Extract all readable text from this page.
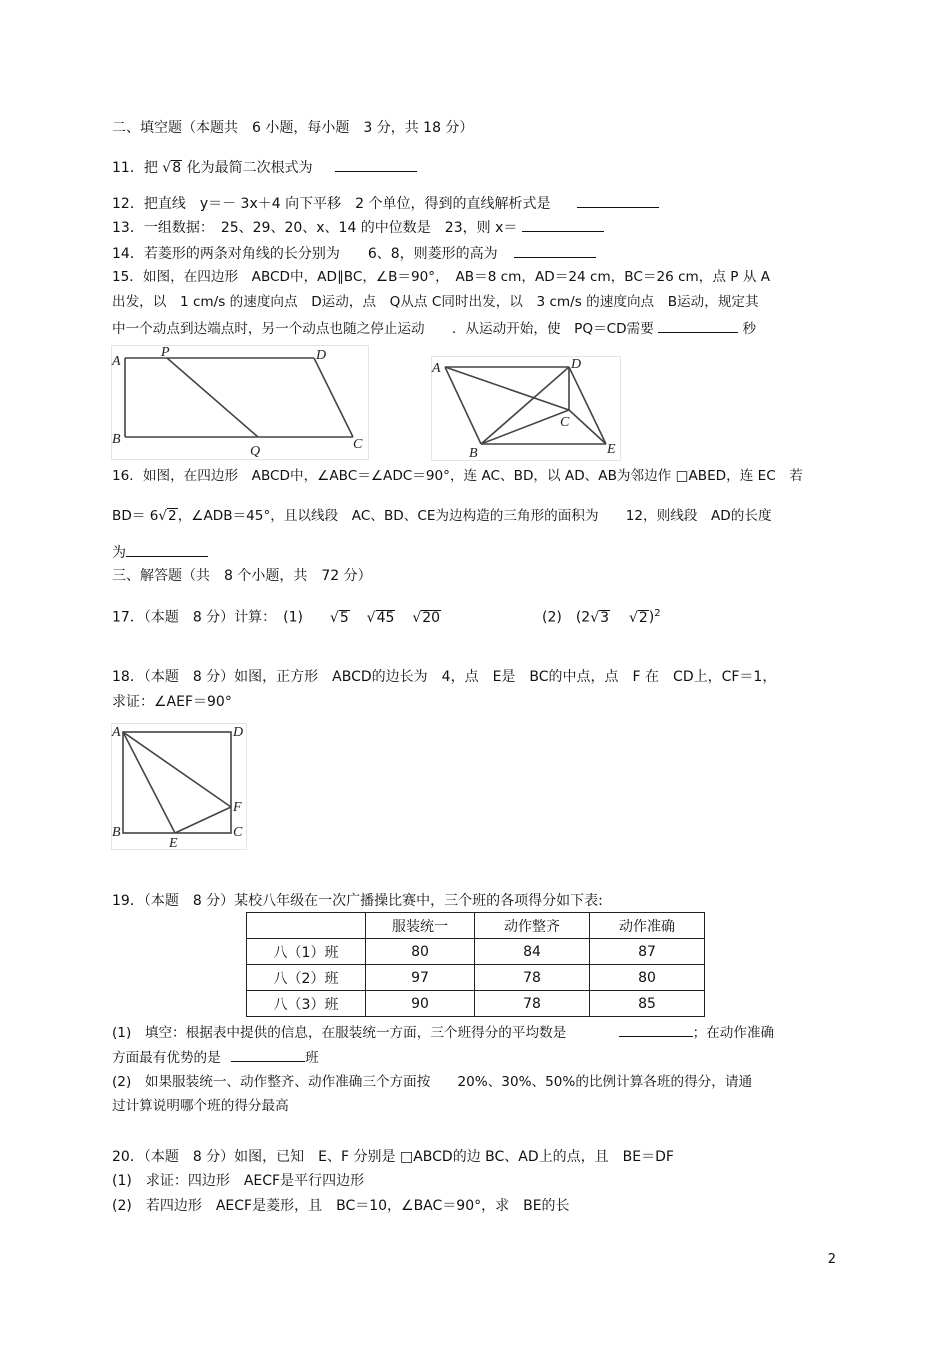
二、填空题（本题共　6 小题，每小题　3 分，共 18 分）
11．把 √8 化为最简二次根式为
12．把直线　y＝－ 3x＋4 向下平移　2 个单位，得到的直线解析式是
13．一组数据：　25、29、20、x、14 的中位数是　23，则 x＝
14．若菱形的两条对角线的长分别为　　6、8，则菱形的高为
15．如图，在四边形　ABCD中，AD∥BC，∠B＝90°，　AB＝8 cm，AD＝24 cm，BC＝26 cm，点 P 从 A
出发，以　1 cm/s 的速度向点　D运动，点　Q从点 C同时出发，以　3 cm/s 的速度向点　B运动，规定其
中一个动点到达端点时，另一个动点也随之停止运动　　．从运动开始，使　PQ＝CD需要	秒
A
P	D
B
Q	C
A	D
C
B	E
16．如图，在四边形　ABCD中，∠ABC＝∠ADC＝90°，连 AC、BD，以 AD、AB为邻边作 □ABED，连 EC　若
BD＝ 6√2，∠ADB＝45°，且以线段　AC、BD、CE为边构造的三角形的面积为　　12，则线段　AD的长度
为
三、解答题（共　8 个小题，共　72 分）
17．（本题　8 分）计算：　(1) √5 √45 √20	(2)　(2√3 √2)$^2$
18．（本题　8 分）如图，正方形　ABCD的边长为　4，点　E是　BC的中点，点　F 在　CD上，CF＝1，
求证：∠AEF＝90°
A	D
F
B
E
C
19．（本题　8 分）某校八年级在一次广播操比赛中，三个班的各项得分如下表:
	服装统一	动作整齐	动作准确
八（1）班	80	84	87
八（2）班	97	78	80
八（3）班	90	78	85
(1)　填空：根据表中提供的信息，在服装统一方面，三个班得分的平均数是	；在动作准确
方面最有优势的是	班
(2)　如果服装统一、动作整齐、动作准确三个方面按　　20%、30%、50%的比例计算各班的得分，请通
过计算说明哪个班的得分最高
20．（本题　8 分）如图，已知　E、F 分别是 □ABCD的边 BC、AD上的点，且　BE＝DF
(1)　求证：四边形　AECF是平行四边形
(2)　若四边形　AECF是菱形，且　BC＝10，∠BAC＝90°，求　BE的长
2
